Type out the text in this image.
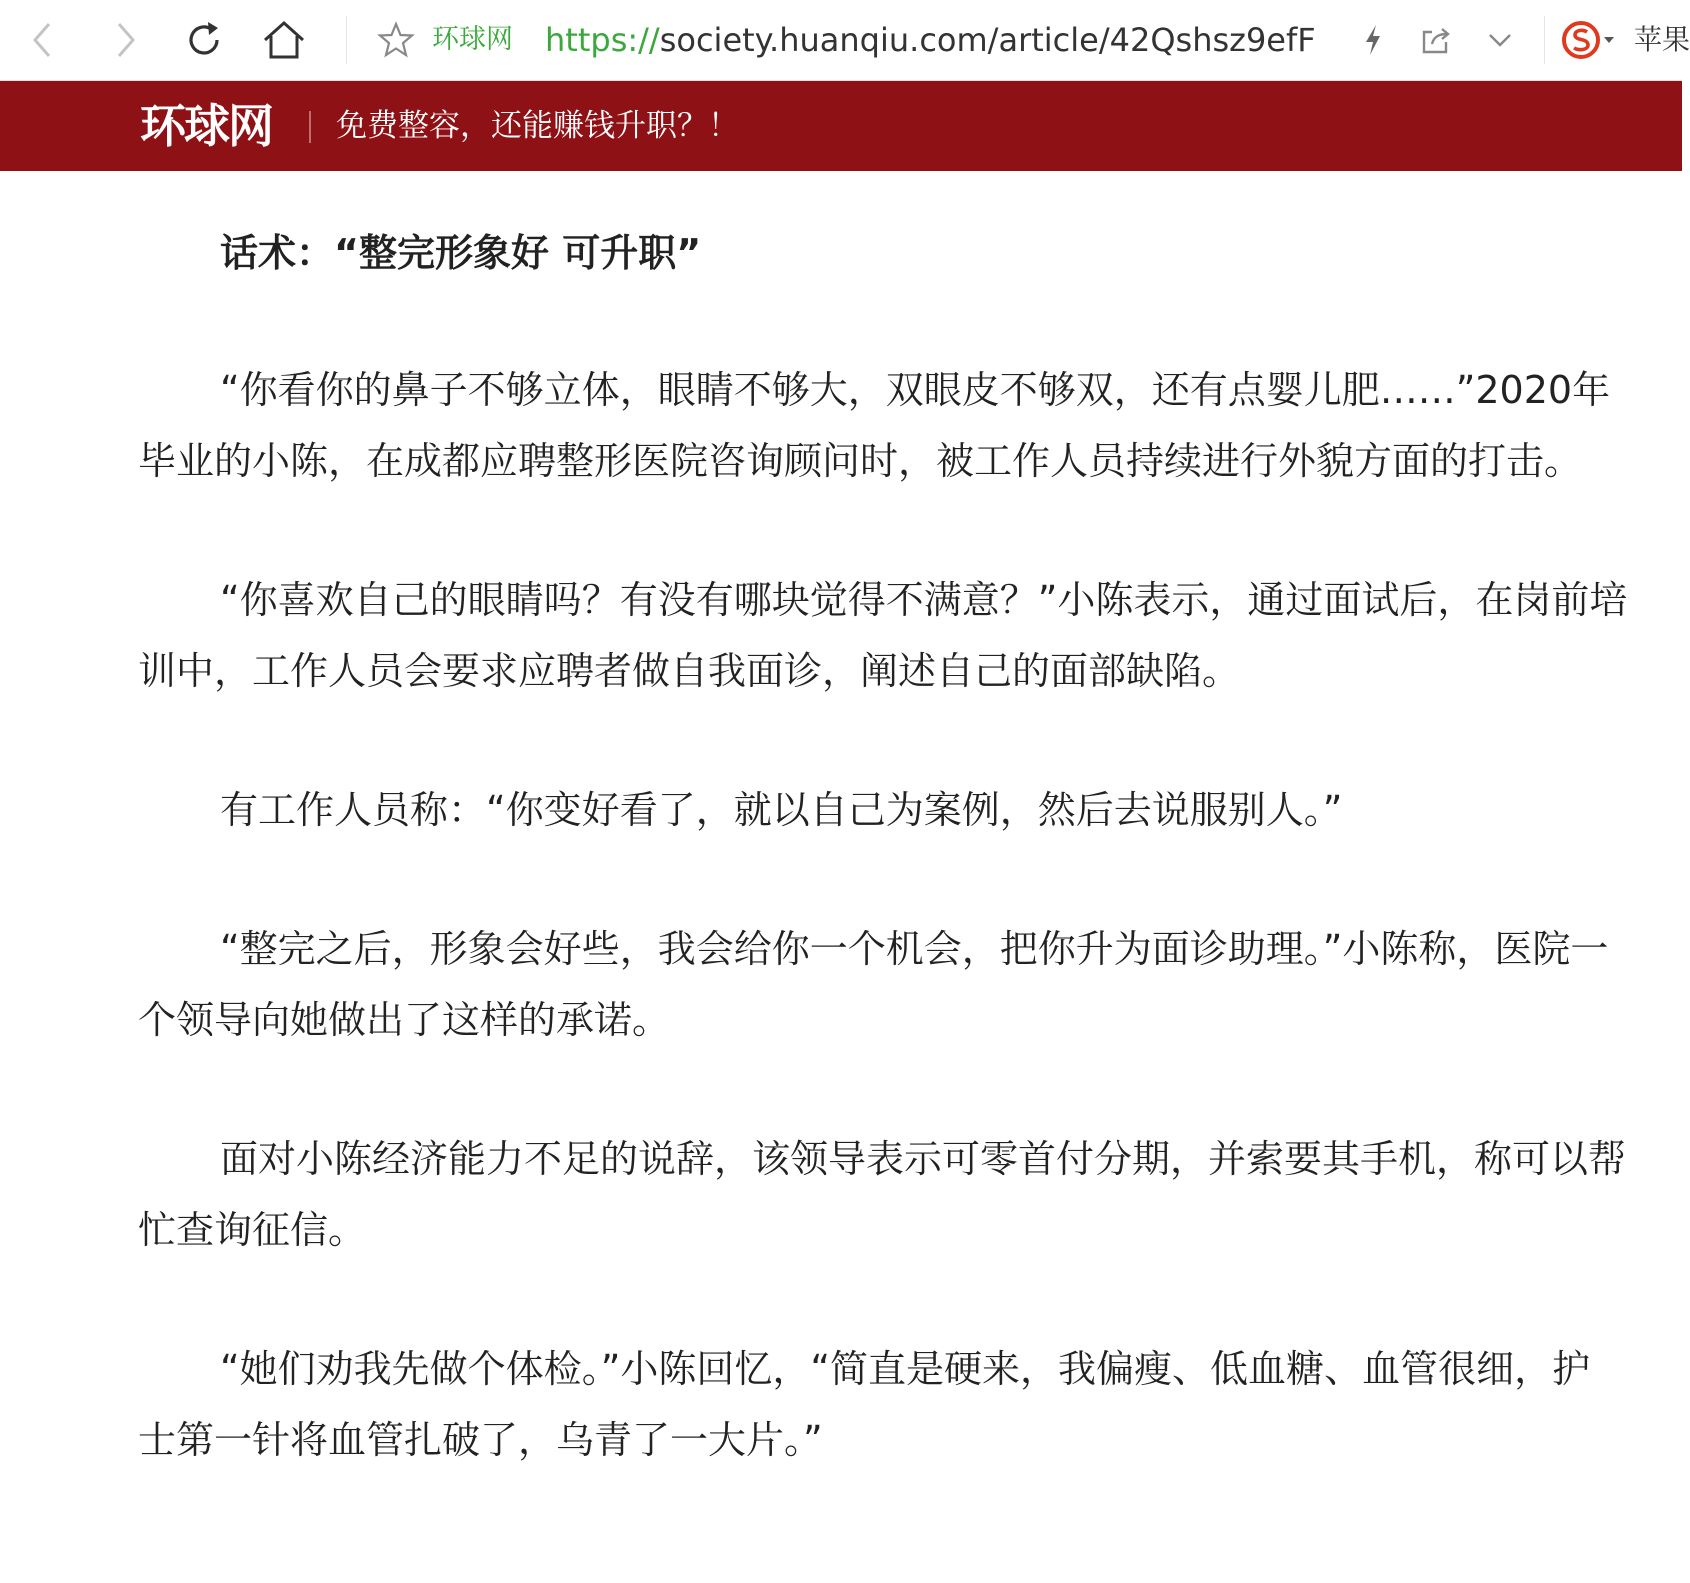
环球网 https://society.huanqiu.com/article/42Qshsz9efF	苹果
环球网 免费整容，还能赚钱升职？！
话术：“整完形象好 可升职”

“你看你的鼻子不够立体，眼睛不够大，双眼皮不够双，还有点婴儿肥……”2020年毕业的小陈，在成都应聘整形医院咨询顾问时，被工作人员持续进行外貌方面的打击。

“你喜欢自己的眼睛吗？有没有哪块觉得不满意？”小陈表示，通过面试后，在岗前培训中，工作人员会要求应聘者做自我面诊，阐述自己的面部缺陷。

有工作人员称：“你变好看了，就以自己为案例，然后去说服别人。”

“整完之后，形象会好些，我会给你一个机会，把你升为面诊助理。”小陈称，医院一个领导向她做出了这样的承诺。

面对小陈经济能力不足的说辞，该领导表示可零首付分期，并索要其手机，称可以帮忙查询征信。

“她们劝我先做个体检。”小陈回忆，“简直是硬来，我偏瘦、低血糖、血管很细，护士第一针将血管扎破了，乌青了一大片。”
